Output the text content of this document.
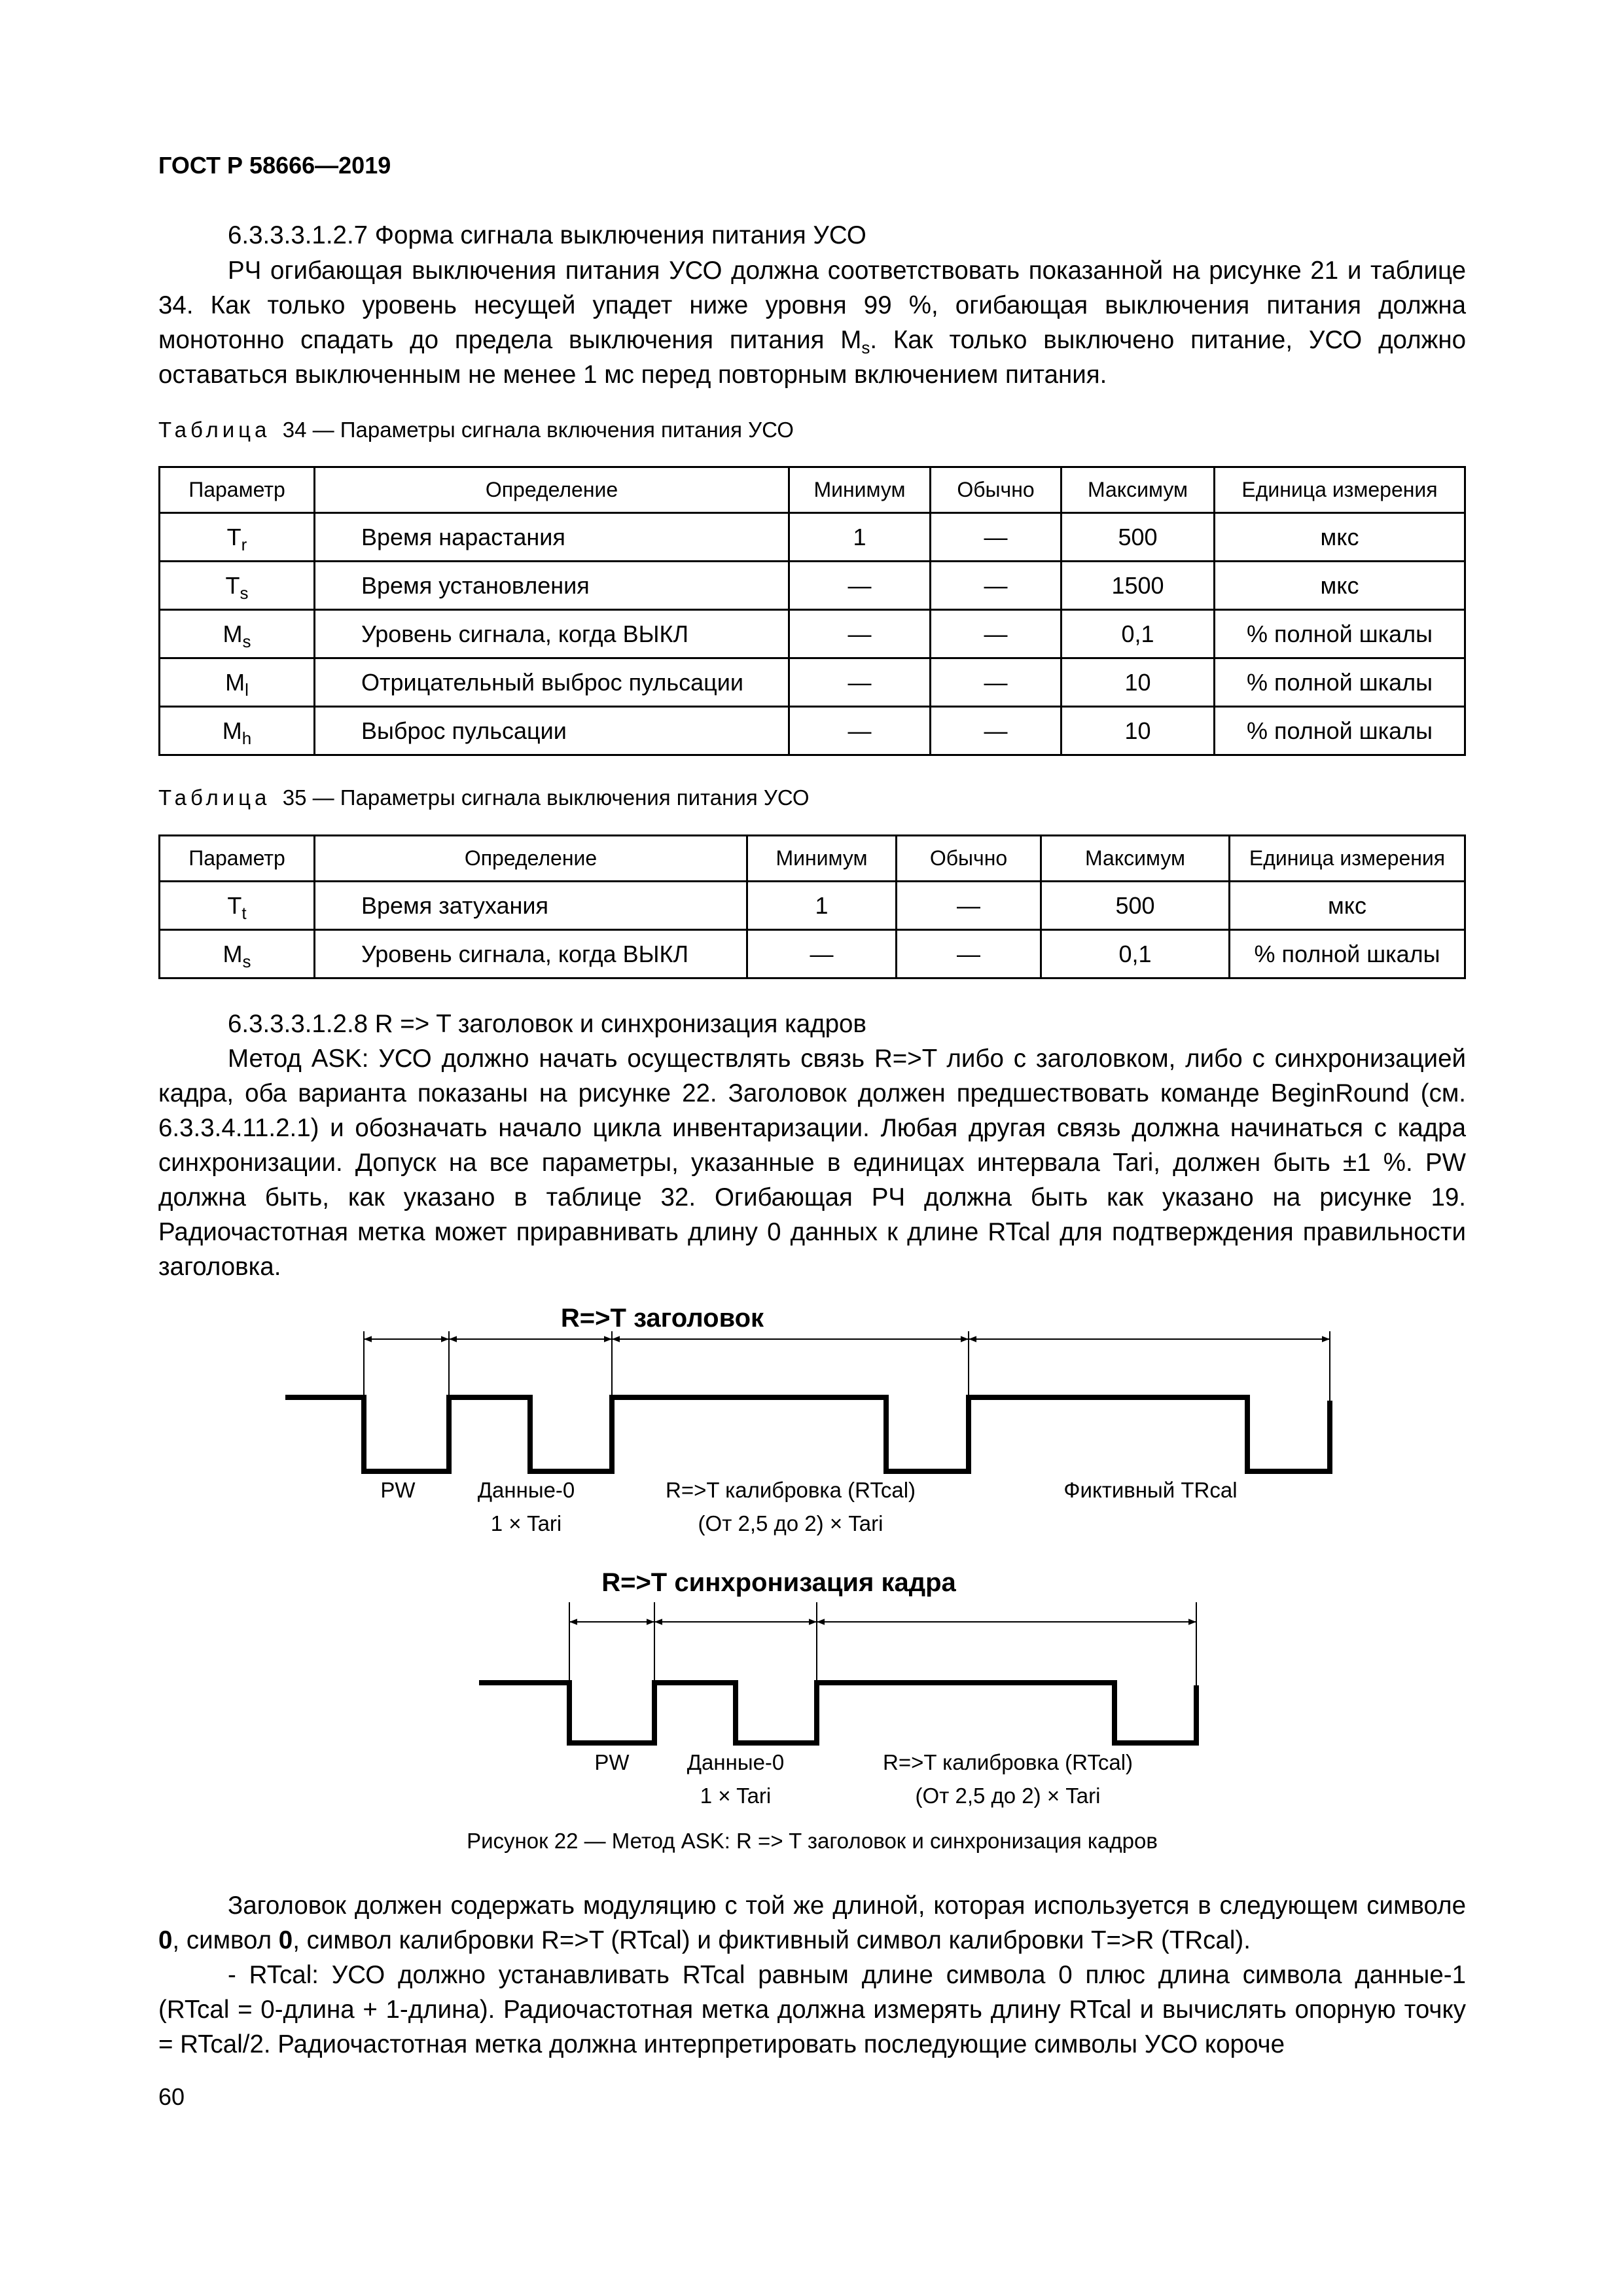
ГОСТ Р 58666—2019

6.3.3.3.1.2.7 Форма сигнала выключения питания УСО

РЧ огибающая выключения питания УСО должна соответствовать показанной на рисунке 21 и таблице 34. Как только уровень несущей упадет ниже уровня 99 %, огибающая выключения питания должна монотонно спадать до предела выключения питания $M_s$. Как только выключено питание, УСО должно оставаться выключенным не менее 1 мс перед повторным включением питания.

Таблица 34 — Параметры сигнала включения питания УСО
Параметр	Определение	Минимум	Обычно	Максимум	Единица измерения
$T_r$	Время нарастания	1	—	500	мкс
$T_s$	Время установления	—	—	1500	мкс
$M_s$	Уровень сигнала, когда ВЫКЛ	—	—	0,1	% полной шкалы
$M_l$	Отрицательный выброс пульсации	—	—	10	% полной шкалы
$M_h$	Выброс пульсации	—	—	10	% полной шкалы
Таблица 35 — Параметры сигнала выключения питания УСО
Параметр	Определение	Минимум	Обычно	Максимум	Единица измерения
$T_t$	Время затухания	1	—	500	мкс
$M_s$	Уровень сигнала, когда ВЫКЛ	—	—	0,1	% полной шкалы

6.3.3.3.1.2.8 R => T заголовок и синхронизация кадров

Метод ASK: УСО должно начать осуществлять связь R=>T либо с заголовком, либо с синхронизацией кадра, оба варианта показаны на рисунке 22. Заголовок должен предшествовать команде BeginRound (см. 6.3.3.4.11.2.1) и обозначать начало цикла инвентаризации. Любая другая связь должна начинаться с кадра синхронизации. Допуск на все параметры, указанные в единицах интервала Tari, должен быть ±1 %. PW должна быть, как указано в таблице 32. Огибающая РЧ должна быть как указано на рисунке 19. Радиочастотная метка может приравнивать длину 0 данных к длине RTcal для подтверждения правильности заголовка.

R=>T заголовок
PW	Данные-0	R=>T калибровка (RTcal)	Фиктивный TRcal
1 × Tari	(От 2,5 до 2) × Tari
R=>T синхронизация кадра
PW	Данные-0	R=>T калибровка (RTcal)
1 × Tari	(От 2,5 до 2) × Tari
Рисунок 22 — Метод ASK: R => T заголовок и синхронизация кадров

Заголовок должен содержать модуляцию с той же длиной, которая используется в следующем символе 0, символ 0, символ калибровки R=>T (RTcal) и фиктивный символ калибровки T=>R (TRcal).

- RTcal: УСО должно устанавливать RTcal равным длине символа 0 плюс длина символа данные-1 (RTcal = 0-длина + 1-длина). Радиочастотная метка должна измерять длину RTcal и вычислять опорную точку = RTcal/2. Радиочастотная метка должна интерпретировать последующие символы УСО короче

60
